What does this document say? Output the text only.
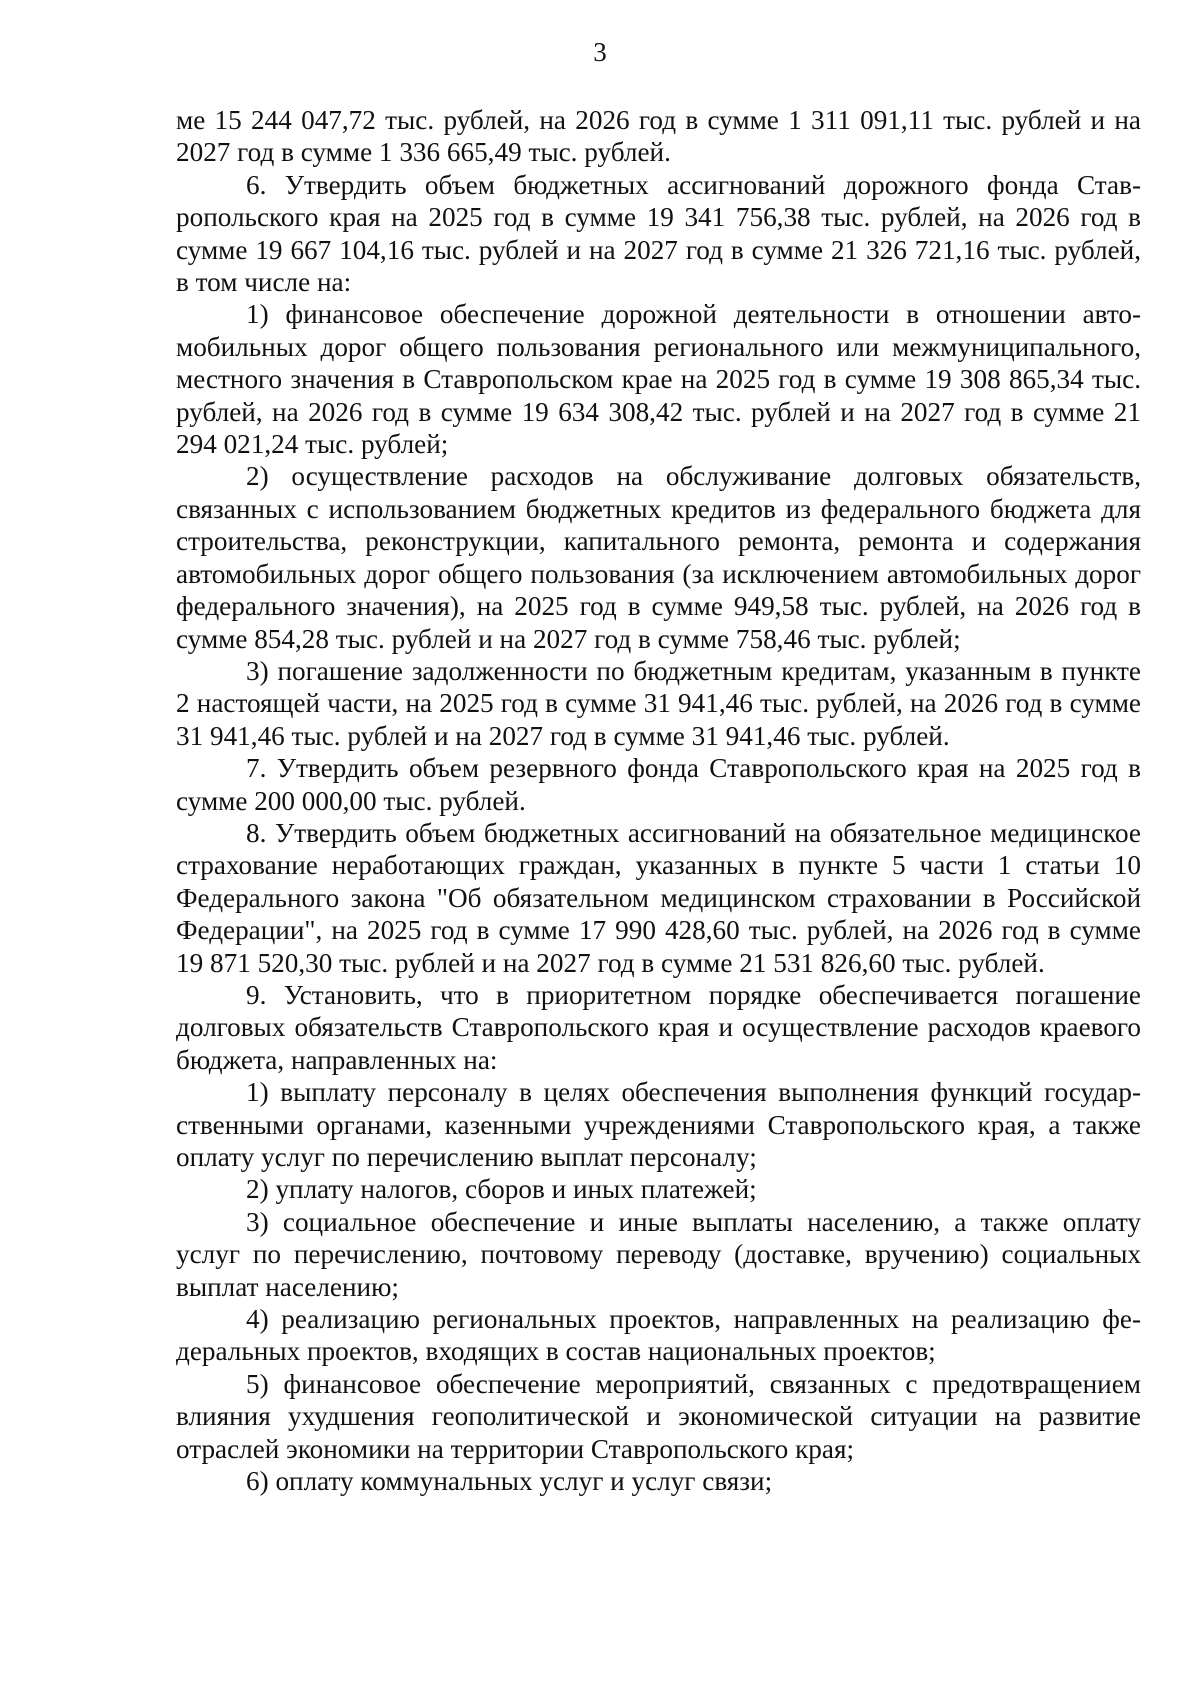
3

ме 15 244 047,72 тыс. рублей, на 2026 год в сумме 1 311 091,11 тыс. рублей и на 2027 год в сумме 1 336 665,49 тыс. рублей.

6. Утвердить объем бюджетных ассигнований дорожного фонда Ставропольского края на 2025 год в сумме 19 341 756,38 тыс. рублей, на 2026 год в сумме 19 667 104,16 тыс. рублей и на 2027 год в сумме 21 326 721,16 тыс. рублей, в том числе на:

1) финансовое обеспечение дорожной деятельности в отношении автомобильных дорог общего пользования регионального или межмуниципального, местного значения в Ставропольском крае на 2025 год в сумме 19 308 865,34 тыс. рублей, на 2026 год в сумме 19 634 308,42 тыс. рублей и на 2027 год в сумме 21 294 021,24 тыс. рублей;

2) осуществление расходов на обслуживание долговых обязательств, связанных с использованием бюджетных кредитов из федерального бюджета для строительства, реконструкции, капитального ремонта, ремонта и содержания автомобильных дорог общего пользования (за исключением автомобильных дорог федерального значения), на 2025 год в сумме 949,58 тыс. рублей, на 2026 год в сумме 854,28 тыс. рублей и на 2027 год в сумме 758,46 тыс. рублей;

3) погашение задолженности по бюджетным кредитам, указанным в пункте 2 настоящей части, на 2025 год в сумме 31 941,46 тыс. рублей, на 2026 год в сумме 31 941,46 тыс. рублей и на 2027 год в сумме 31 941,46 тыс. рублей.

7. Утвердить объем резервного фонда Ставропольского края на 2025 год в сумме 200 000,00 тыс. рублей.

8. Утвердить объем бюджетных ассигнований на обязательное медицинское страхование неработающих граждан, указанных в пункте 5 части 1 статьи 10 Федерального закона "Об обязательном медицинском страховании в Российской Федерации", на 2025 год в сумме 17 990 428,60 тыс. рублей, на 2026 год в сумме 19 871 520,30 тыс. рублей и на 2027 год в сумме 21 531 826,60 тыс. рублей.

9. Установить, что в приоритетном порядке обеспечивается погашение долговых обязательств Ставропольского края и осуществление расходов краевого бюджета, направленных на:

1) выплату персоналу в целях обеспечения выполнения функций государственными органами, казенными учреждениями Ставропольского края, а также оплату услуг по перечислению выплат персоналу;

2) уплату налогов, сборов и иных платежей;

3) социальное обеспечение и иные выплаты населению, а также оплату услуг по перечислению, почтовому переводу (доставке, вручению) социальных выплат населению;

4) реализацию региональных проектов, направленных на реализацию федеральных проектов, входящих в состав национальных проектов;

5) финансовое обеспечение мероприятий, связанных с предотвращением влияния ухудшения геополитической и экономической ситуации на развитие отраслей экономики на территории Ставропольского края;

6) оплату коммунальных услуг и услуг связи;
